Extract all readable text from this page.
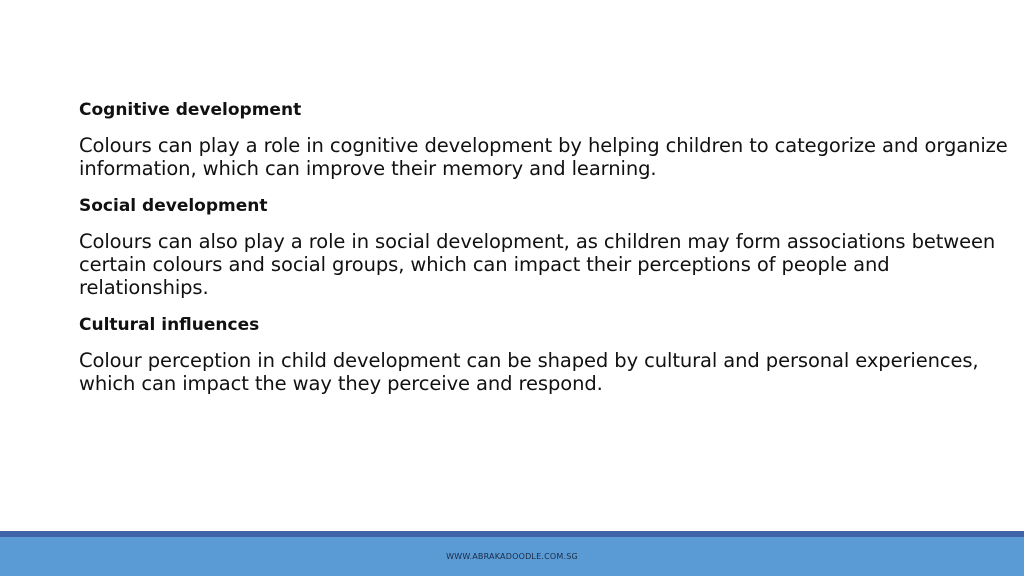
Cognitive development

Colours can play a role in cognitive development by helping children to categorize and organize information, which can improve their memory and learning.

Social development

Colours can also play a role in social development, as children may form associations between certain colours and social groups, which can impact their perceptions of people and relationships.

Cultural influences

Colour perception in child development can be shaped by cultural and personal experiences, which can impact the way they perceive and respond.

WWW.ABRAKADOODLE.COM.SG
